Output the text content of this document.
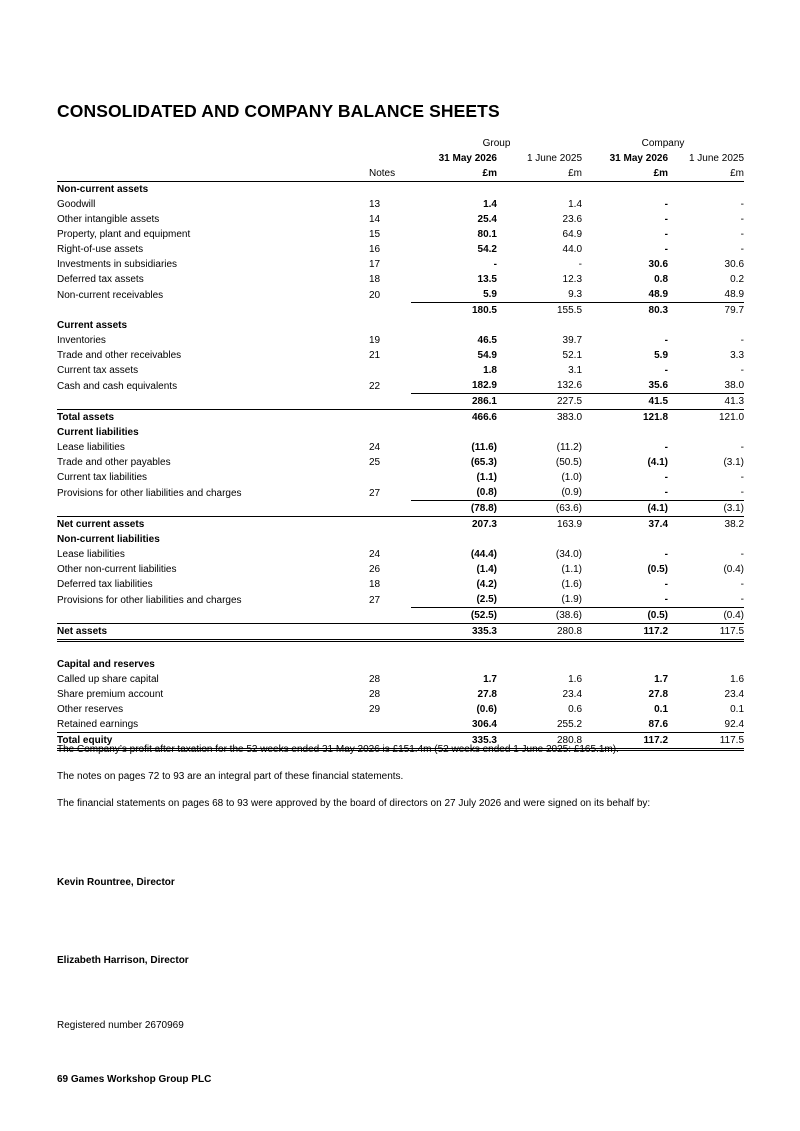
CONSOLIDATED AND COMPANY BALANCE SHEETS
		Group		Company	
		31 May 2026	1 June 2025	31 May 2026	1 June 2025
	Notes	£m	£m	£m	£m
Non-current assets					
Goodwill	13	1.4	1.4	-	-
Other intangible assets	14	25.4	23.6	-	-
Property, plant and equipment	15	80.1	64.9	-	-
Right-of-use assets	16	54.2	44.0	-	-
Investments in subsidiaries	17	-	-	30.6	30.6
Deferred tax assets	18	13.5	12.3	0.8	0.2
Non-current receivables	20	5.9	9.3	48.9	48.9
		180.5	155.5	80.3	79.7
Current assets					
Inventories	19	46.5	39.7	-	-
Trade and other receivables	21	54.9	52.1	5.9	3.3
Current tax assets		1.8	3.1	-	-
Cash and cash equivalents	22	182.9	132.6	35.6	38.0
		286.1	227.5	41.5	41.3
Total assets		466.6	383.0	121.8	121.0
Current liabilities					
Lease liabilities	24	(11.6)	(11.2)	-	-
Trade and other payables	25	(65.3)	(50.5)	(4.1)	(3.1)
Current tax liabilities		(1.1)	(1.0)	-	-
Provisions for other liabilities and charges	27	(0.8)	(0.9)	-	-
		(78.8)	(63.6)	(4.1)	(3.1)
Net current assets		207.3	163.9	37.4	38.2
Non-current liabilities					
Lease liabilities	24	(44.4)	(34.0)	-	-
Other non-current liabilities	26	(1.4)	(1.1)	(0.5)	(0.4)
Deferred tax liabilities	18	(4.2)	(1.6)	-	-
Provisions for other liabilities and charges	27	(2.5)	(1.9)	-	-
		(52.5)	(38.6)	(0.5)	(0.4)
Net assets		335.3	280.8	117.2	117.5

Capital and reserves					
Called up share capital	28	1.7	1.6	1.7	1.6
Share premium account	28	27.8	23.4	27.8	23.4
Other reserves	29	(0.6)	0.6	0.1	0.1
Retained earnings		306.4	255.2	87.6	92.4
Total equity		335.3	280.8	117.2	117.5
The Company’s profit after taxation for the 52 weeks ended 31 May 2026 is £151.4m (52 weeks ended 1 June 2025: £165.1m).
The notes on pages 72 to 93 are an integral part of these financial statements.
The financial statements on pages 68 to 93 were approved by the board of directors on 27 July 2026 and were signed on its behalf by:
Kevin Rountree, Director
Elizabeth Harrison, Director
Registered number 2670969
69 Games Workshop Group PLC
